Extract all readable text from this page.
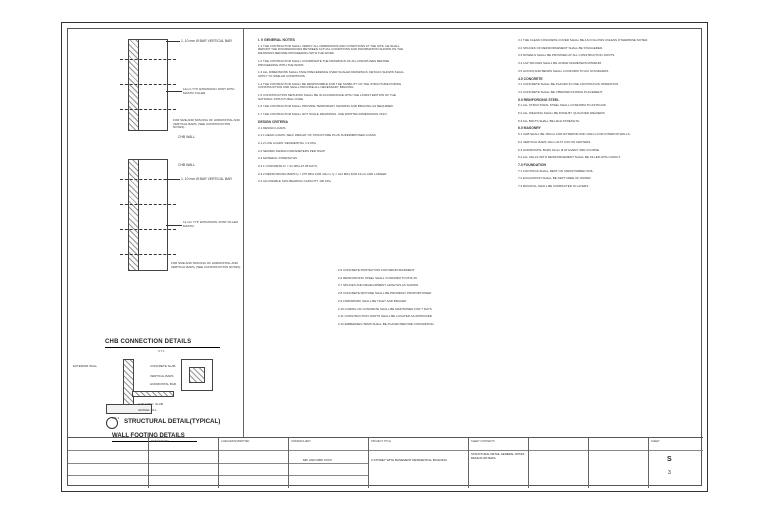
1, 10 mm Ø BAR VERTICAL BAR
12mm TYP. EXPANSION JOINT WITH MASTIC FILLER
FOR SIZE AND SPACING OF HORIZONTAL AND VERTICAL BARS, (SEE CONSTRUCTION NOTES)
CHB WALL
CHB WALL
1, 10 mm Ø BAR VERTICAL BAR
12 mm TYP. EXPANSION JOINT FILLER MASTIC
FOR SIZE AND SPACING OF HORIZONTAL AND VERTICAL BARS, (SEE CONSTRUCTION NOTES)
CHB CONNECTION DETAILS
N.T.S
EXTERIOR WALL	CONCRETE SLAB
VERTICAL BARS
HORIZONTAL BAR
0.15 CONC. SLAB
GRAVEL FILL
WF-1
WALL FOOTING DETAILS
STRUCTURAL DETAIL(TYPICAL)
I. 0 GENERAL NOTES

1.1 THE CONTRACTOR SHALL VERIFY ALL DIMENSIONS AND CONDITIONS AT THE SITE. HE SHALL REPORT THE DISCREPANCIES BETWEEN ACTUAL CONDITIONS AND INFORMATION SHOWN ON THE DRAWINGS BEFORE PROCEEDING WITH THE WORK.

1.2 THE CONTRACTOR SHALL COORDINATE THE DRAWINGS OF ALL DISCIPLINES BEFORE PROCEEDING WITH THE WORK.

1.3 ALL DIMENSIONS SHALL TAKE PRECEDENCE OVER SCALED DRAWINGS. DETAILS SHOWN SHALL APPLY TO SIMILAR CONDITIONS.

1.4 THE CONTRACTOR SHALL BE RESPONSIBLE FOR THE STABILITY OF THE STRUCTURE DURING CONSTRUCTION AND SHALL PROVIDE ALL NECESSARY BRACING.

1.5 CONSTRUCTION METHODS SHALL BE IN ACCORDANCE WITH THE LATEST EDITION OF THE NATIONAL STRUCTURAL CODE.

1.6 THE CONTRACTOR SHALL PROVIDE TEMPORARY SHORING AND BRACING AS REQUIRED.

1.7 THE CONTRACTOR SHALL NOT SCALE DRAWINGS. USE WRITTEN DIMENSIONS ONLY.

DESIGN CRITERIA

2.1 DESIGN LOADS

2.1.1 DEAD LOADS: SELF WEIGHT OF STRUCTURE PLUS SUPERIMPOSED LOADS

2.1.2 LIVE LOADS: RESIDENTIAL 1.9 KPa

2.2 SEISMIC DESIGN PARAMETERS PER NSCP

2.3 MATERIAL STRENGTHS

2.3.1 CONCRETE fc' = 21 MPa AT 28 DAYS

2.3.2 REINFORCING BARS fy = 275 MPa FOR 10mm, fy = 414 MPa FOR 12mm AND LARGER

2.4 ALLOWABLE SOIL BEARING CAPACITY 100 KPa

2.5 CONCRETE PROTECTION FOR REINFORCEMENT

2.6 REINFORCING STEEL SHALL CONFORM TO PNS 49

2.7 SPLICES AND DEVELOPMENT LENGTHS AS SHOWN

2.8 CONCRETE MIXTURE SHALL BE PROPERLY PROPORTIONED

2.9 FORMWORK SHALL BE TIGHT AND BRACED

2.10 CURING OF CONCRETE SHALL BE MAINTAINED FOR 7 DAYS

2.11 CONSTRUCTION JOINTS SHALL BE LOCATED AS APPROVED

2.12 EMBEDDED ITEMS SHALL BE PLACED BEFORE CONCRETING

3.1 THE CLEAR CONCRETE COVER SHALL BE AS FOLLOWS UNLESS OTHERWISE NOTED.

3.2 SPLICES OF REINFORCEMENT SHALL BE STAGGERED.

3.3 DOWELS SHALL BE PROVIDED AT ALL CONSTRUCTION JOINTS.

3.4 LAP SPLICES SHALL BE 40 BAR DIAMETERS MINIMUM.

3.5 HOOKS AND BENDS SHALL CONFORM TO ACI STANDARDS.

4.0 CONCRETE

4.1 CONCRETE SHALL BE PLACED IN ONE CONTINUOUS OPERATION.

4.2 CONCRETE SHALL BE VIBRATED DURING PLACEMENT.

5.0 REINFORCING STEEL

5.1 ALL STRUCTURAL STEEL SHALL CONFORM TO ASTM A36.

5.2 ALL WELDING SHALL BE DONE BY QUALIFIED WELDERS.

5.3 ALL BOLTS SHALL BE HIGH STRENGTH.

6.0 MASONRY

6.1 CHB SHALL BE 150mm FOR EXTERIOR AND 100mm FOR INTERIOR WALLS.

6.2 VERTICAL BARS 10mm Ø AT 0.60 ON CENTERS.

6.3 HORIZONTAL BARS 10mm Ø AT EVERY 3RD COURSE.

6.4 ALL CELLS WITH REINFORCEMENT SHALL BE FILLED WITH GROUT.

7.0 FOUNDATION

7.1 FOOTINGS SHALL REST ON UNDISTURBED SOIL.

7.2 EXCAVATION SHALL BE KEPT FREE OF WATER.

7.3 BACKFILL SHALL BE COMPACTED IN LAYERS.

DESIGNED BY	CHECKED/SUBMITTED	OWNER/CLIENT
MR. AND MRS XXXX
PROJECT TITLE
2 STOREY WITH BASEMENT RESIDENTIAL BUILDING
SHEET CONTENTS
STRUCTURAL DETAIL GENERAL NOTES DESIGN CRITERIA
SHEET
S
3
